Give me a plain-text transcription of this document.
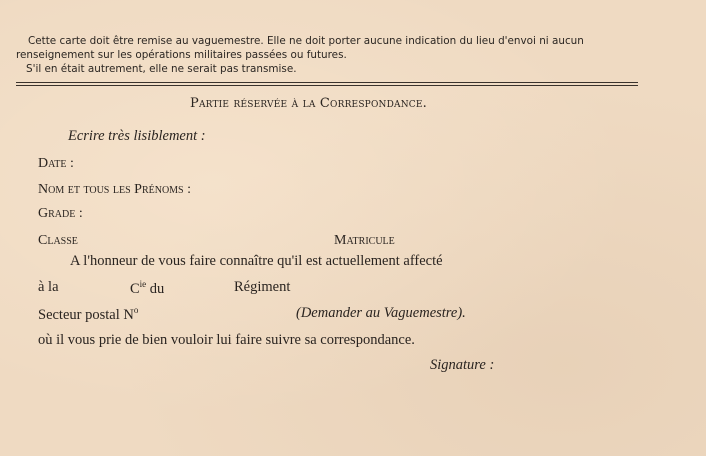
Cette carte doit être remise au vaguemestre. Elle ne doit porter aucune indication du lieu d'envoi ni aucun
renseignement sur les opérations militaires passées ou futures.
S'il en était autrement, elle ne serait pas transmise.
Partie réservée à la Correspondance.
Ecrire très lisiblement :
Date :
Nom et tous les Prénoms :
Grade :
Classe	Matricule
A l'honneur de vous faire connaître qu'il est actuellement affecté
à la	$C^{ie}$ du	Régiment
Secteur postal $N^o$	(Demander au Vaguemestre).
où il vous prie de bien vouloir lui faire suivre sa correspondance.
Signature :
